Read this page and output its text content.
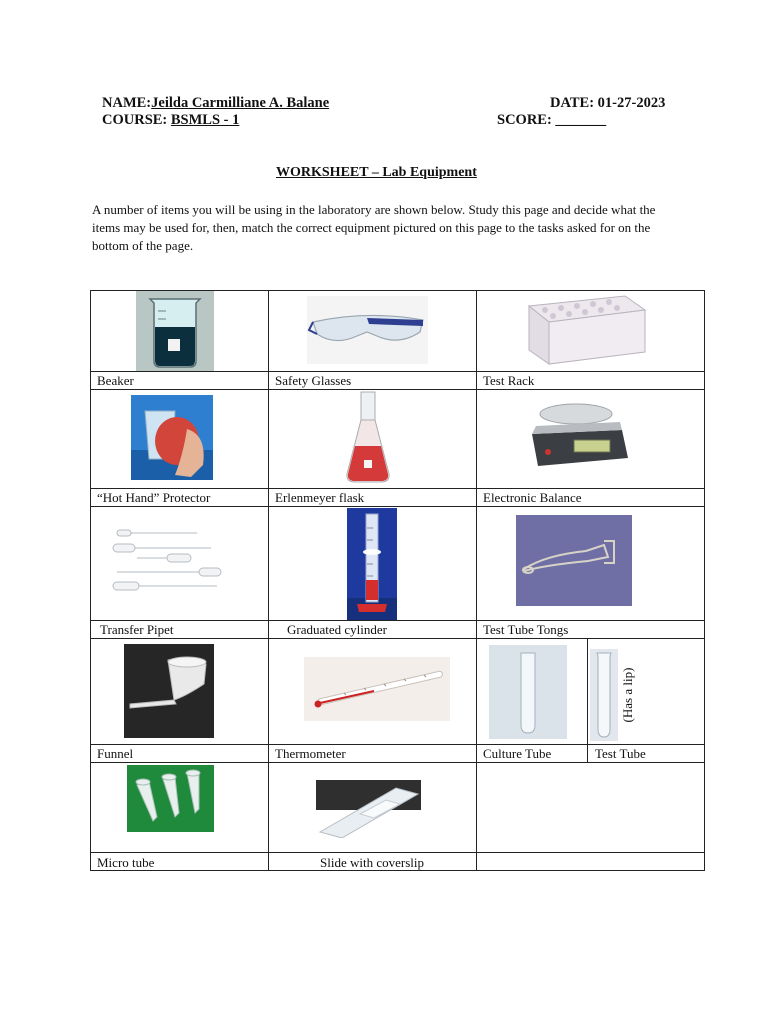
NAME:Jeilda Carmilliane A. Balane	DATE: 01-27-2023
COURSE: BSMLS - 1	SCORE: _______
WORKSHEET – Lab Equipment
A number of items you will be using in the laboratory are shown below. Study this page and decide what the items may be used for, then, match the correct equipment pictured on this page to the tasks asked for on the bottom of the page.
Beaker	Safety Glasses	Test Rack
“Hot Hand” Protector	Erlenmeyer flask	Electronic Balance
Transfer Pipet	Graduated cylinder	Test Tube Tongs
(Has a lip)
Funnel	Thermometer	Culture Tube	Test Tube
Micro tube	Slide with coverslip
